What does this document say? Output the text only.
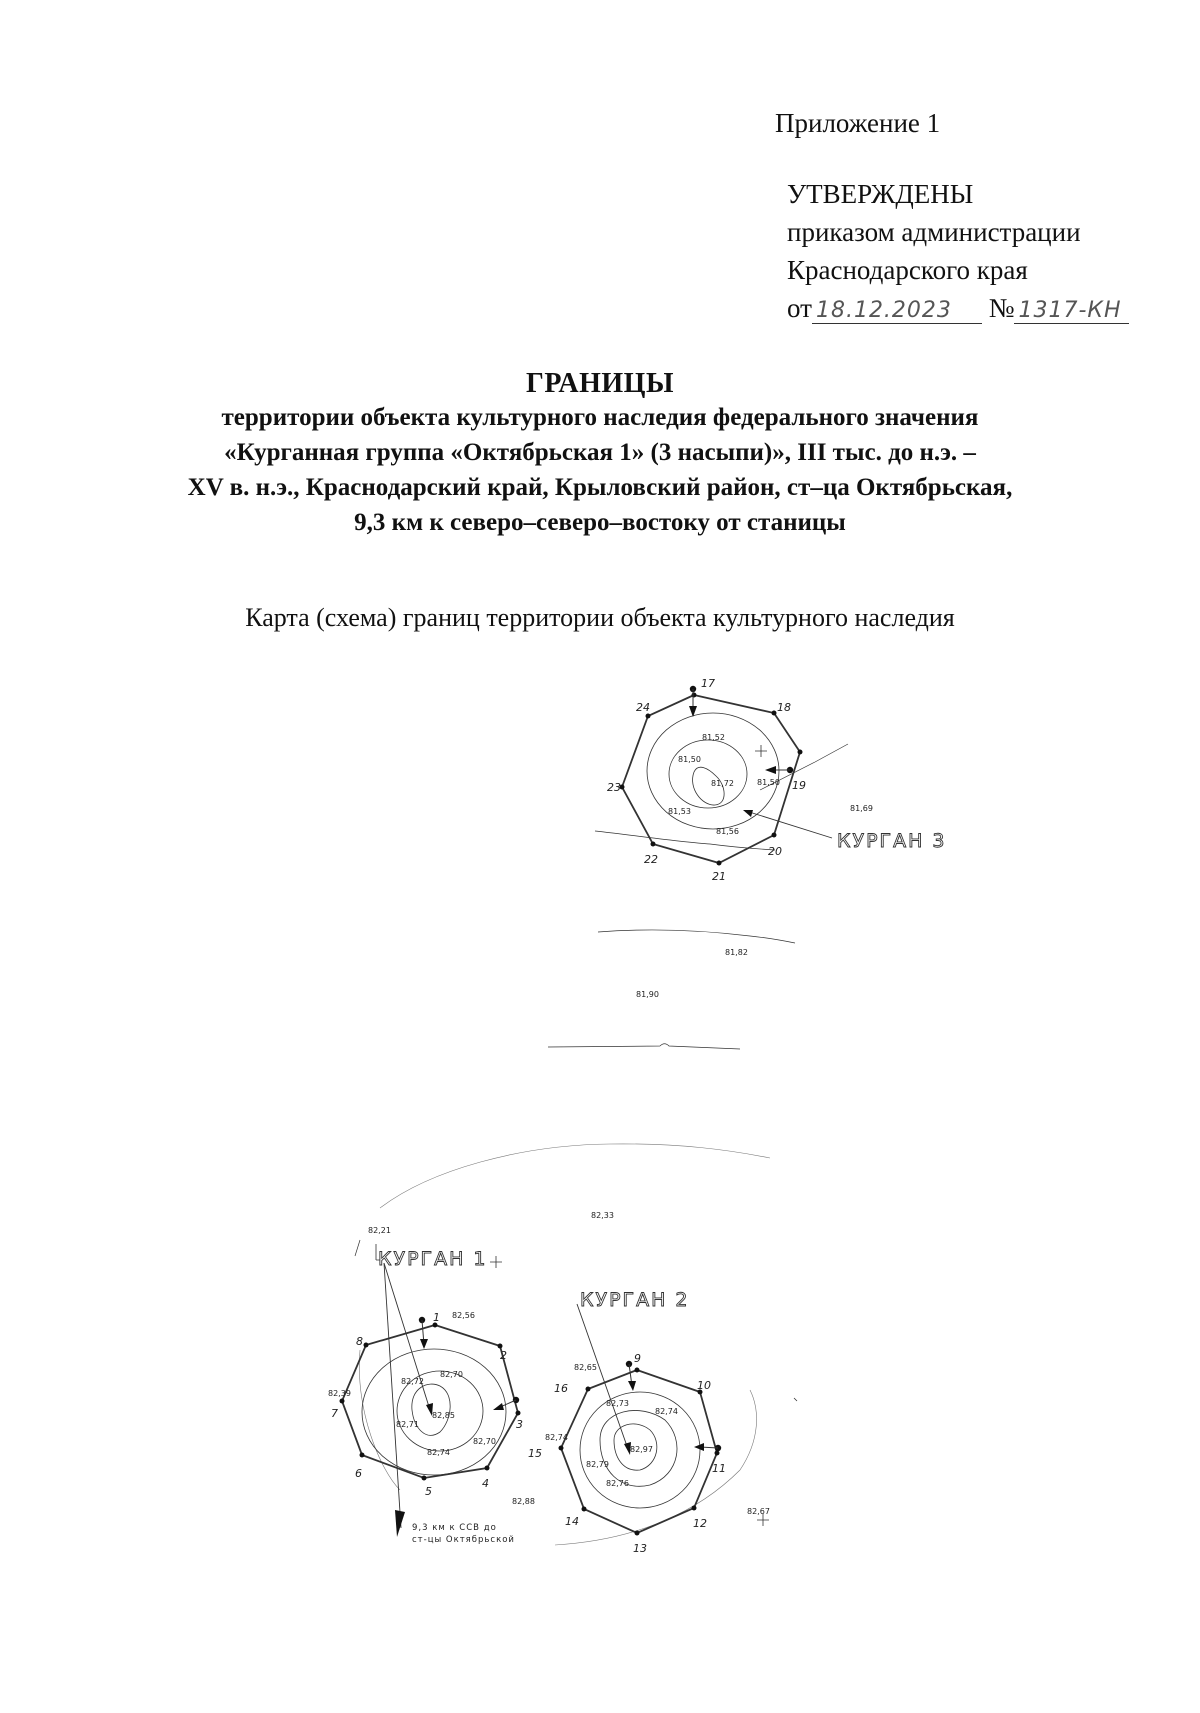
Приложение 1
УТВЕРЖДЕНЫ
приказом администрации
Краснодарского края
от 18.12.2023 № 1317-КН
ГРАНИЦЫ
территории объекта культурного наследия федерального значения
«Курганная группа «Октябрьская 1» (3 насыпи)», III тыс. до н.э. –
XV в. н.э., Краснодарский край, Крыловский район, ст–ца Октябрьская,
9,3 км к северо–северо–востоку от станицы
Карта (схема) границ территории объекта культурного наследия
КУРГАН 3
КУРГАН 1
КУРГАН 2
9,3 км к ССВ до
ст-цы Октябрьской
81,52
81,50
81,72	81,50
81,53
81,56
81,69
81,82
81,90
82,21
82,33
82,56
82,72
82,70
82,85
82,71
82,70
82,74
82,39
82,88
82,65
82,73
82,74
82,74
82,97
82,79
82,76
82,67
17
18
19
20
21
22
23
24
1
2
3
4
5
6
7
8
9
10
11
12
13
14
15
16
